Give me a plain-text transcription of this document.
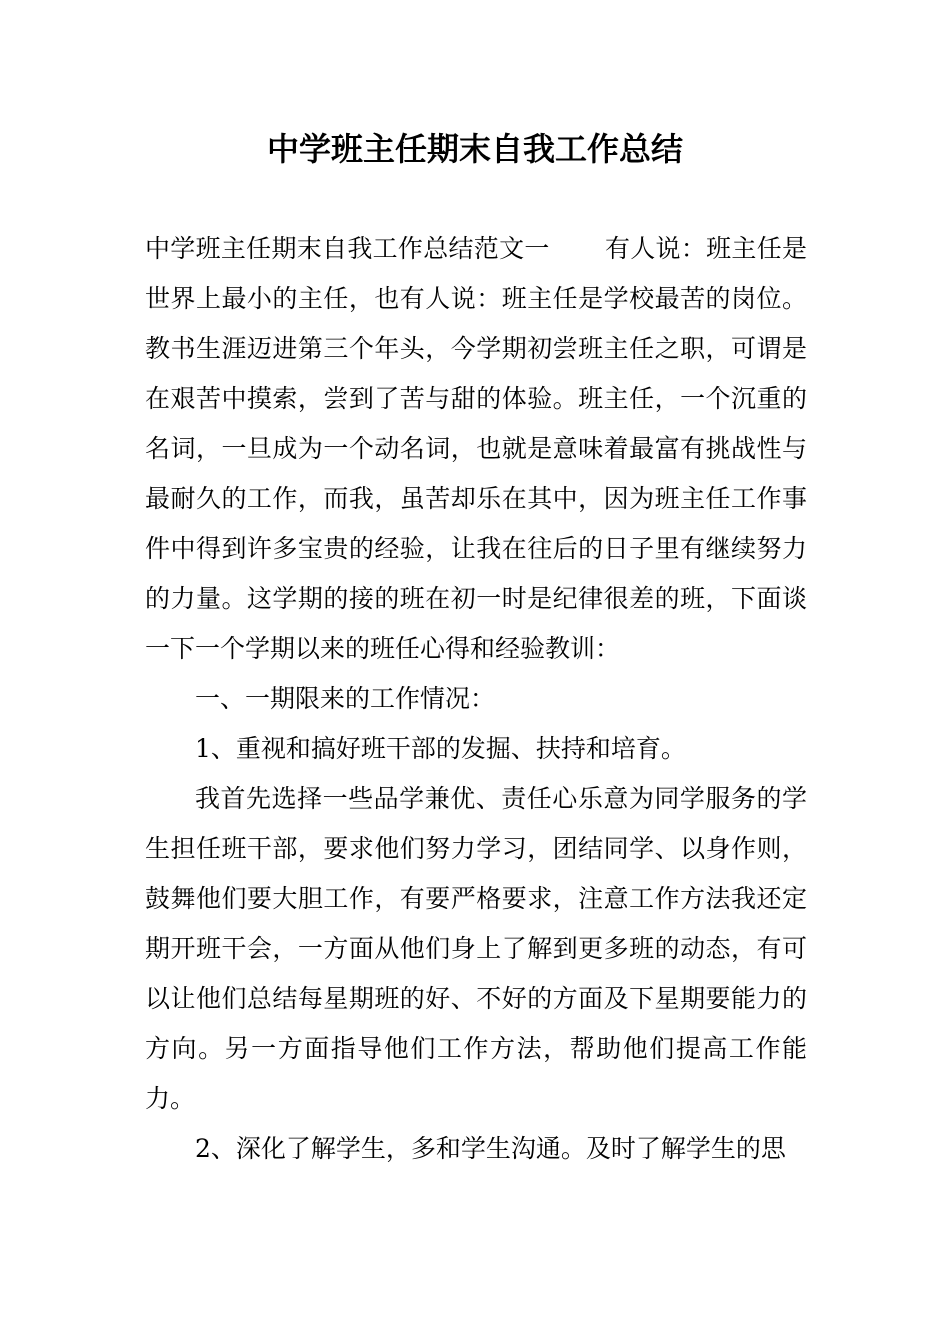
中学班主任期末自我工作总结

中学班主任期末自我工作总结范文一 有人说：班主任是世界上最小的主任，也有人说：班主任是学校最苦的岗位。教书生涯迈进第三个年头，今学期初尝班主任之职，可谓是在艰苦中摸索，尝到了苦与甜的体验。班主任，一个沉重的名词，一旦成为一个动名词，也就是意味着最富有挑战性与最耐久的工作，而我，虽苦却乐在其中，因为班主任工作事件中得到许多宝贵的经验，让我在往后的日子里有继续努力的力量。这学期的接的班在初一时是纪律很差的班，下面谈一下一个学期以来的班任心得和经验教训：

一、一期限来的工作情况：

1、重视和搞好班干部的发掘、扶持和培育。

我首先选择一些品学兼优、责任心乐意为同学服务的学生担任班干部，要求他们努力学习，团结同学、以身作则，鼓舞他们要大胆工作，有要严格要求，注意工作方法我还定期开班干会，一方面从他们身上了解到更多班的动态，有可以让他们总结每星期班的好、不好的方面及下星期要能力的方向。另一方面指导他们工作方法，帮助他们提高工作能力。

2、深化了解学生，多和学生沟通。及时了解学生的思
